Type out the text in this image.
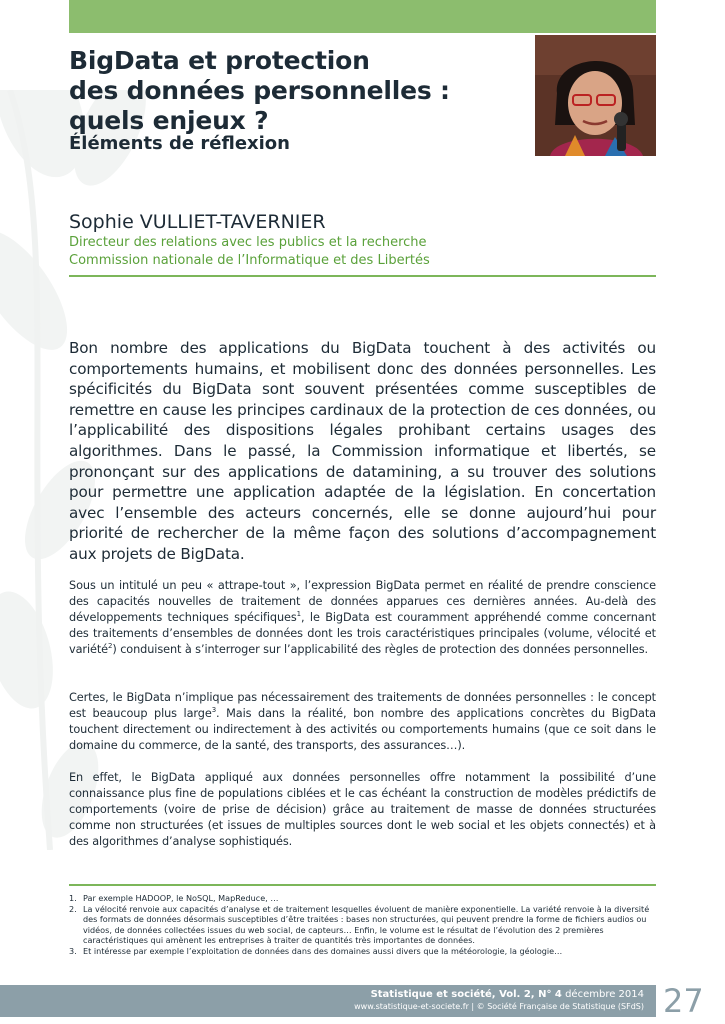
BigData et protection
des données personnelles :
quels enjeux ?
Éléments de réflexion
Sophie VULLIET-TAVERNIER

Directeur des relations avec les publics et la recherche
Commission nationale de l’Informatique et des Libertés

Bon nombre des applications du BigData touchent à des activités ou comportements humains, et mobilisent donc des données personnelles. Les spécificités du BigData sont souvent présentées comme susceptibles de remettre en cause les principes cardinaux de la protection de ces données, ou l’applicabilité des dispositions légales prohibant certains usages des algorithmes. Dans le passé, la Commission informatique et libertés, se prononçant sur des applications de datamining, a su trouver des solutions pour permettre une application adaptée de la législation. En concertation avec l’ensemble des acteurs concernés, elle se donne aujourd’hui pour priorité de rechercher de la même façon des solutions d’accompagnement aux projets de BigData.

Sous un intitulé un peu « attrape-tout », l’expression BigData permet en réalité de prendre conscience des capacités nouvelles de traitement de données apparues ces dernières années. Au-delà des développements techniques spécifiques$^1$, le BigData est couramment appréhendé comme concernant des traitements d’ensembles de données dont les trois caractéristiques principales (volume, vélocité et variété$^2$) conduisent à s’interroger sur l’applicabilité des règles de protection des données personnelles.

Certes, le BigData n’implique pas nécessairement des traitements de données personnelles : le concept est beaucoup plus large$^3$. Mais dans la réalité, bon nombre des applications concrètes du BigData touchent directement ou indirectement à des activités ou comportements humains (que ce soit dans le domaine du commerce, de la santé, des transports, des assurances…).

En effet, le BigData appliqué aux données personnelles offre notamment la possibilité d’une connaissance plus fine de populations ciblées et le cas échéant la construction de modèles prédictifs de comportements (voire de prise de décision) grâce au traitement de masse de données structurées comme non structurées (et issues de multiples sources dont le web social et les objets connectés) et à des algorithmes d’analyse sophistiqués.

1. Par exemple HADOOP, le NoSQL, MapReduce, …
2. La vélocité renvoie aux capacités d’analyse et de traitement lesquelles évoluent de manière exponentielle. La variété renvoie à la diversité des formats de données désormais susceptibles d’être traitées : bases non structurées, qui peuvent prendre la forme de fichiers audios ou vidéos, de données collectées issues du web social, de capteurs… Enfin, le volume est le résultat de l’évolution des 2 premières caractéristiques qui amènent les entreprises à traiter de quantités très importantes de données.
3. Et intéresse par exemple l’exploitation de données dans des domaines aussi divers que la météorologie, la géologie…

Statistique et société, Vol. 2, N° 4 décembre 2014

www.statistique-et-societe.fr | © Société Française de Statistique (SFdS) 27
